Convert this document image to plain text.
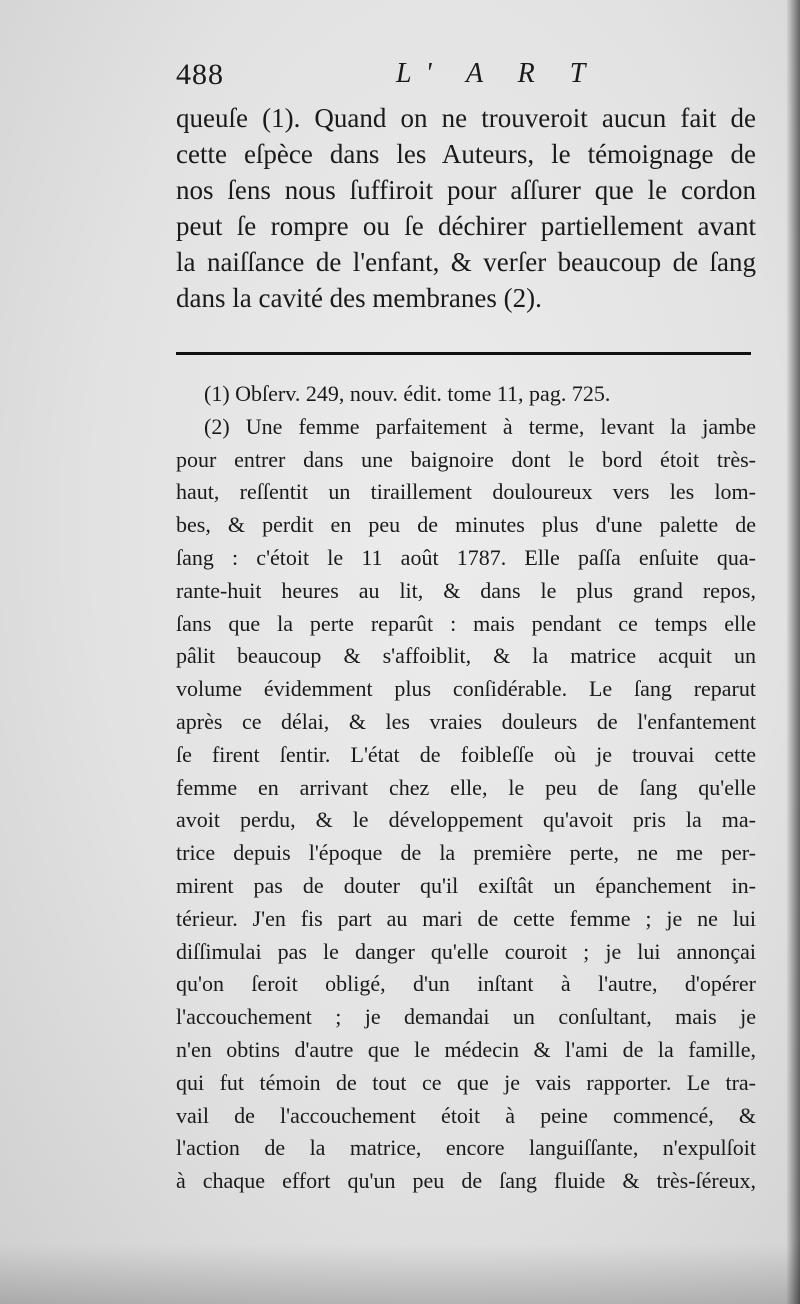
488	L' A R T
queuſe (1). Quand on ne trouveroit aucun fait de
cette eſpèce dans les Auteurs, le témoignage de
nos ſens nous ſuffiroit pour aſſurer que le cordon
peut ſe rompre ou ſe déchirer partiellement avant
la naiſſance de l'enfant, & verſer beaucoup de ſang
dans la cavité des membranes (2).
(1) Obſerv. 249, nouv. édit. tome 11, pag. 725.
(2) Une femme parfaitement à terme, levant la jambe
pour entrer dans une baignoire dont le bord étoit très-
haut, reſſentit un tiraillement douloureux vers les lom-
bes, & perdit en peu de minutes plus d'une palette de
ſang : c'étoit le 11 août 1787. Elle paſſa enſuite qua-
rante-huit heures au lit, & dans le plus grand repos,
ſans que la perte reparût : mais pendant ce temps elle
pâlit beaucoup & s'affoiblit, & la matrice acquit un
volume évidemment plus conſidérable. Le ſang reparut
après ce délai, & les vraies douleurs de l'enfantement
ſe firent ſentir. L'état de foibleſſe où je trouvai cette
femme en arrivant chez elle, le peu de ſang qu'elle
avoit perdu, & le développement qu'avoit pris la ma-
trice depuis l'époque de la première perte, ne me per-
mirent pas de douter qu'il exiſtât un épanchement in-
térieur. J'en fis part au mari de cette femme ; je ne lui
diſſimulai pas le danger qu'elle couroit ; je lui annonçai
qu'on ſeroit obligé, d'un inſtant à l'autre, d'opérer
l'accouchement ; je demandai un conſultant, mais je
n'en obtins d'autre que le médecin & l'ami de la famille,
qui fut témoin de tout ce que je vais rapporter. Le tra-
vail de l'accouchement étoit à peine commencé, &
l'action de la matrice, encore languiſſante, n'expulſoit
à chaque effort qu'un peu de ſang fluide & très-ſéreux,
